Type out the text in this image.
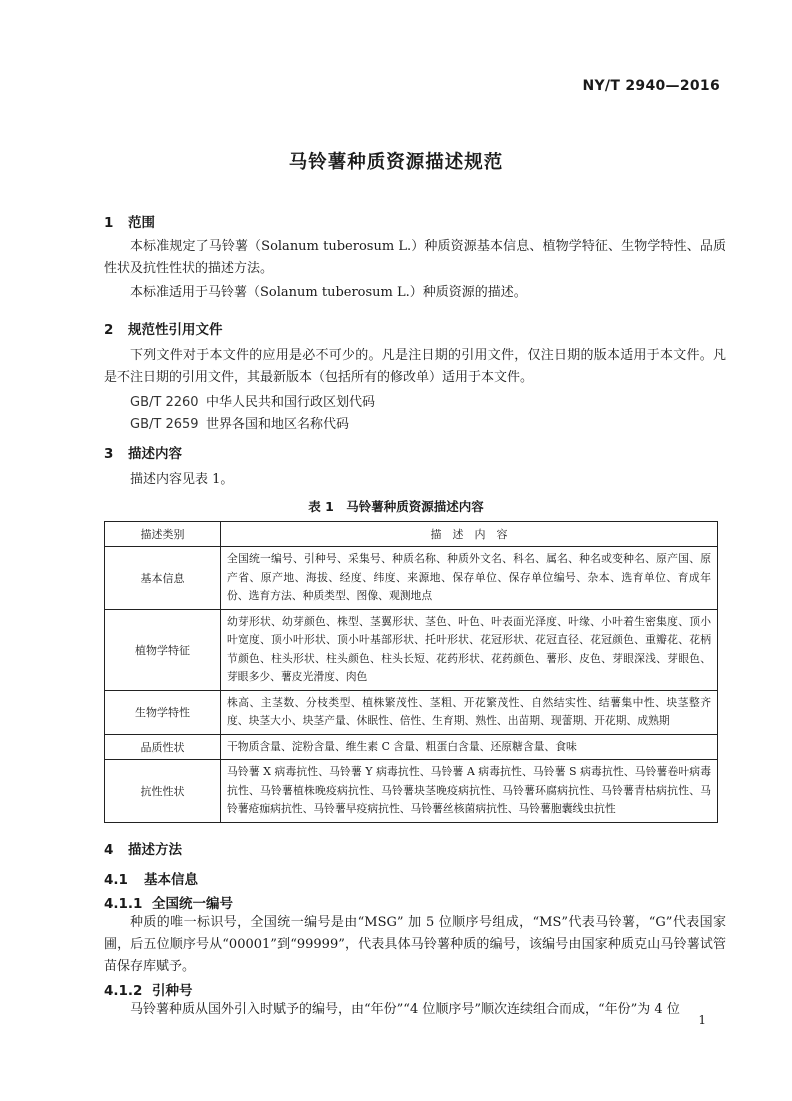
NY/T 2940—2016
马铃薯种质资源描述规范
1 范围

本标准规定了马铃薯（Solanum tuberosum L.）种质资源基本信息、植物学特征、生物学特性、品质性状及抗性性状的描述方法。

本标准适用于马铃薯（Solanum tuberosum L.）种质资源的描述。

2 规范性引用文件

下列文件对于本文件的应用是必不可少的。凡是注日期的引用文件，仅注日期的版本适用于本文件。凡是不注日期的引用文件，其最新版本（包括所有的修改单）适用于本文件。

GB/T 2260 中华人民共和国行政区划代码
GB/T 2659 世界各国和地区名称代码
3 描述内容

描述内容见表 1。

表 1　马铃薯种质资源描述内容
描述类别	描　述　内　容
基本信息	全国统一编号、引种号、采集号、种质名称、种质外文名、科名、属名、种名或变种名、原产国、原产省、原产地、海拔、经度、纬度、来源地、保存单位、保存单位编号、杂本、选育单位、育成年份、选育方法、种质类型、图像、观测地点
植物学特征	幼芽形状、幼芽颜色、株型、茎翼形状、茎色、叶色、叶表面光泽度、叶缘、小叶着生密集度、顶小叶宽度、顶小叶形状、顶小叶基部形状、托叶形状、花冠形状、花冠直径、花冠颜色、重瓣花、花柄节颜色、柱头形状、柱头颜色、柱头长短、花药形状、花药颜色、薯形、皮色、芽眼深浅、芽眼色、芽眼多少、薯皮光滑度、肉色
生物学特性	株高、主茎数、分枝类型、植株繁茂性、茎粗、开花繁茂性、自然结实性、结薯集中性、块茎整齐度、块茎大小、块茎产量、休眠性、倍性、生育期、熟性、出苗期、现蕾期、开花期、成熟期
品质性状	干物质含量、淀粉含量、维生素 C 含量、粗蛋白含量、还原糖含量、食味
抗性性状	马铃薯 X 病毒抗性、马铃薯 Y 病毒抗性、马铃薯 A 病毒抗性、马铃薯 S 病毒抗性、马铃薯卷叶病毒抗性、马铃薯植株晚疫病抗性、马铃薯块茎晚疫病抗性、马铃薯环腐病抗性、马铃薯青枯病抗性、马铃薯疮痂病抗性、马铃薯早疫病抗性、马铃薯丝核菌病抗性、马铃薯胞囊线虫抗性
4 描述方法
4.1 基本信息
4.1.1 全国统一编号

种质的唯一标识号，全国统一编号是由“MSG” 加 5 位顺序号组成，“MS”代表马铃薯，“G”代表国家圃，后五位顺序号从“00001”到“99999”，代表具体马铃薯种质的编号，该编号由国家种质克山马铃薯试管苗保存库赋予。

4.1.2 引种号

马铃薯种质从国外引入时赋予的编号，由“年份”“4 位顺序号”顺次连续组合而成，“年份”为 4 位

1
